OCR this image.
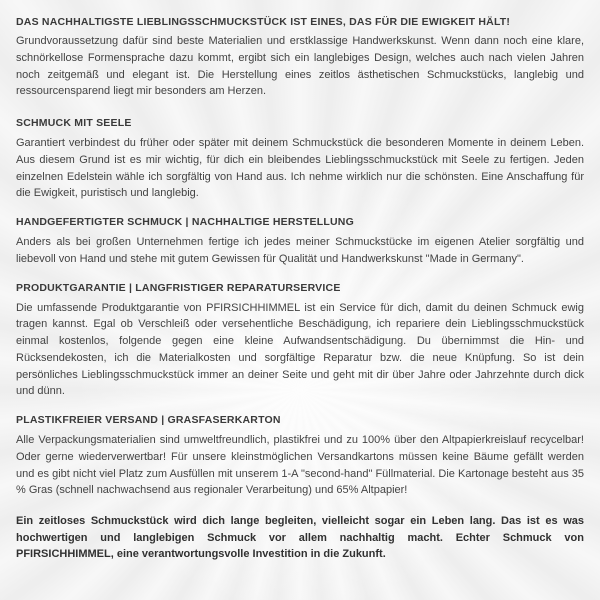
DAS NACHHALTIGSTE LIEBLINGSSCHMUCKSTÜCK IST EINES, DAS FÜR DIE EWIGKEIT HÄLT!

Grundvoraussetzung dafür sind beste Materialien und erstklassige Handwerkskunst. Wenn dann noch eine klare, schnörkellose Formensprache dazu kommt, ergibt sich ein langlebiges Design, welches auch nach vielen Jahren noch zeitgemäß und elegant ist. Die Herstellung eines zeitlos ästhetischen Schmuckstücks, langlebig und ressourcensparend liegt mir besonders am Herzen.

SCHMUCK MIT SEELE

Garantiert verbindest du früher oder später mit deinem Schmuckstück die besonderen Momente in deinem Leben. Aus diesem Grund ist es mir wichtig, für dich ein bleibendes Lieblingsschmuckstück mit Seele zu fertigen. Jeden einzelnen Edelstein wähle ich sorgfältig von Hand aus. Ich nehme wirklich nur die schönsten. Eine Anschaffung für die Ewigkeit, puristisch und langlebig.

HANDGEFERTIGTER SCHMUCK | NACHHALTIGE HERSTELLUNG

Anders als bei großen Unternehmen fertige ich jedes meiner Schmuckstücke im eigenen Atelier sorgfältig und liebevoll von Hand und stehe mit gutem Gewissen für Qualität und Handwerkskunst "Made in Germany".

PRODUKTGARANTIE | LANGFRISTIGER REPARATURSERVICE

Die umfassende Produktgarantie von PFIRSICHHIMMEL ist ein Service für dich, damit du deinen Schmuck ewig tragen kannst. Egal ob Verschleiß oder versehentliche Beschädigung, ich repariere dein Lieblingsschmuckstück einmal kostenlos, folgende gegen eine kleine Aufwandsentschädigung. Du übernimmst die Hin- und Rücksendekosten, ich die Materialkosten und sorgfältige Reparatur bzw. die neue Knüpfung. So ist dein persönliches Lieblingsschmuckstück immer an deiner Seite und geht mit dir über Jahre oder Jahrzehnte durch dick und dünn.

PLASTIKFREIER VERSAND | GRASFASERKARTON

Alle Verpackungsmaterialien sind umweltfreundlich, plastikfrei und zu 100% über den Altpapierkreislauf recycelbar! Oder gerne wiederverwertbar! Für unsere kleinstmöglichen Versandkartons müssen keine Bäume gefällt werden und es gibt nicht viel Platz zum Ausfüllen mit unserem 1-A "second-hand" Füllmaterial. Die Kartonage besteht aus 35 % Gras (schnell nachwachsend aus regionaler Verarbeitung) und 65% Altpapier!

Ein zeitloses Schmuckstück wird dich lange begleiten, vielleicht sogar ein Leben lang. Das ist es was hochwertigen und langlebigen Schmuck vor allem nachhaltig macht. Echter Schmuck von PFIRSICHHIMMEL, eine verantwortungsvolle Investition in die Zukunft.
